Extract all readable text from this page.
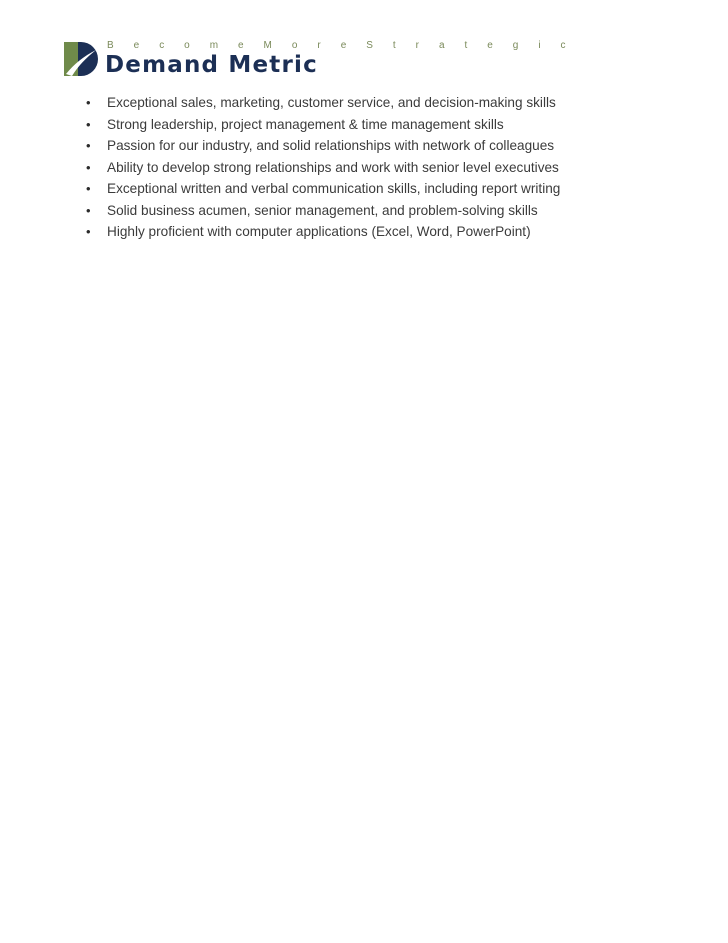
B e c o m e M o r e S t r a t e g i c
Demand Metric
• Exceptional sales, marketing, customer service, and decision-making skills
• Strong leadership, project management & time management skills
• Passion for our industry, and solid relationships with network of colleagues
• Ability to develop strong relationships and work with senior level executives
• Exceptional written and verbal communication skills, including report writing
• Solid business acumen, senior management, and problem-solving skills
• Highly proficient with computer applications (Excel, Word, PowerPoint)
